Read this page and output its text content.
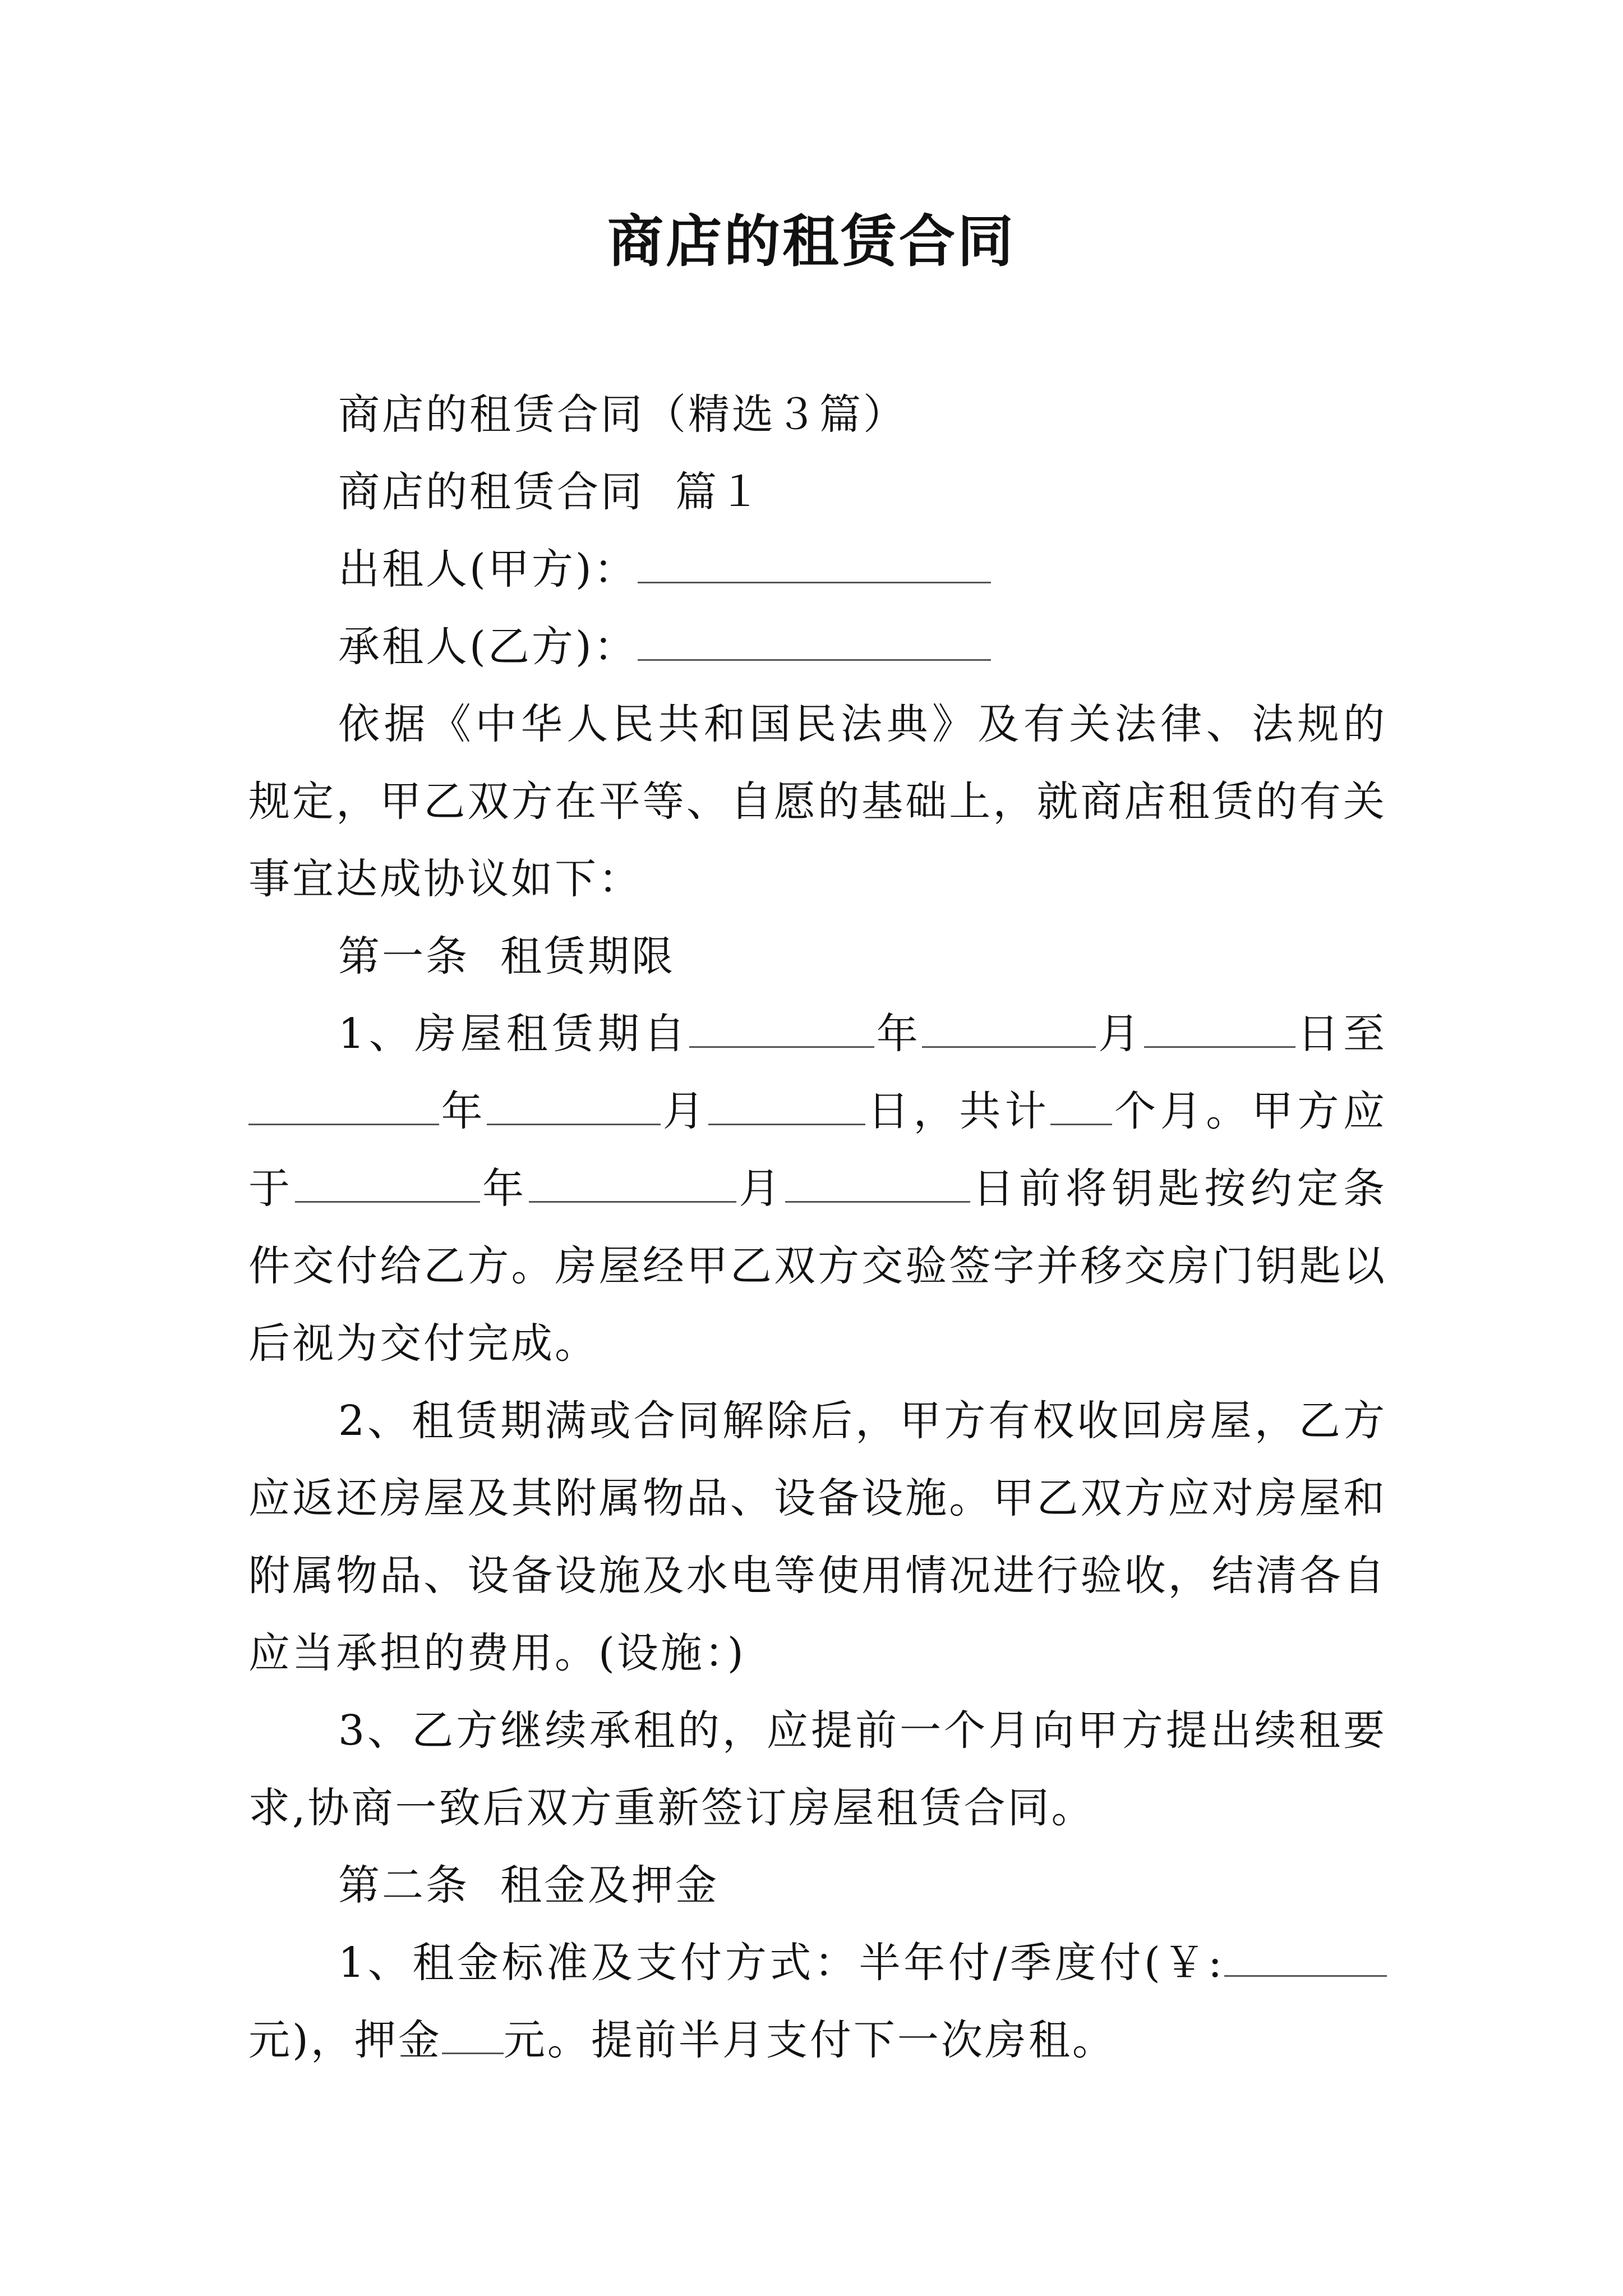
商店的租赁合同

商店的租赁合同（精选３篇）

商店的租赁合同  篇１

出租人(甲方)：

承租人(乙方)：

依据《中华人民共和国民法典》及有关法律、法规的规定，甲乙双方在平等、自愿的基础上，就商店租赁的有关事宜达成协议如下：

第一条  租赁期限

1、房屋租赁期自	年	月	日至年	月	日，共计 个月。甲方应于	年	月	日前将钥匙按约定条件交付给乙方。房屋经甲乙双方交验签字并移交房门钥匙以后视为交付完成。

2、租赁期满或合同解除后，甲方有权收回房屋，乙方应返还房屋及其附属物品、设备设施。甲乙双方应对房屋和附属物品、设备设施及水电等使用情况进行验收，结清各自应当承担的费用。(设施：)

3、乙方继续承租的，应提前一个月向甲方提出续租要求,协商一致后双方重新签订房屋租赁合同。

第二条  租金及押金

1、租金标准及支付方式：半年付/季度付(￥:元)，押金 元。提前半月支付下一次房租。
